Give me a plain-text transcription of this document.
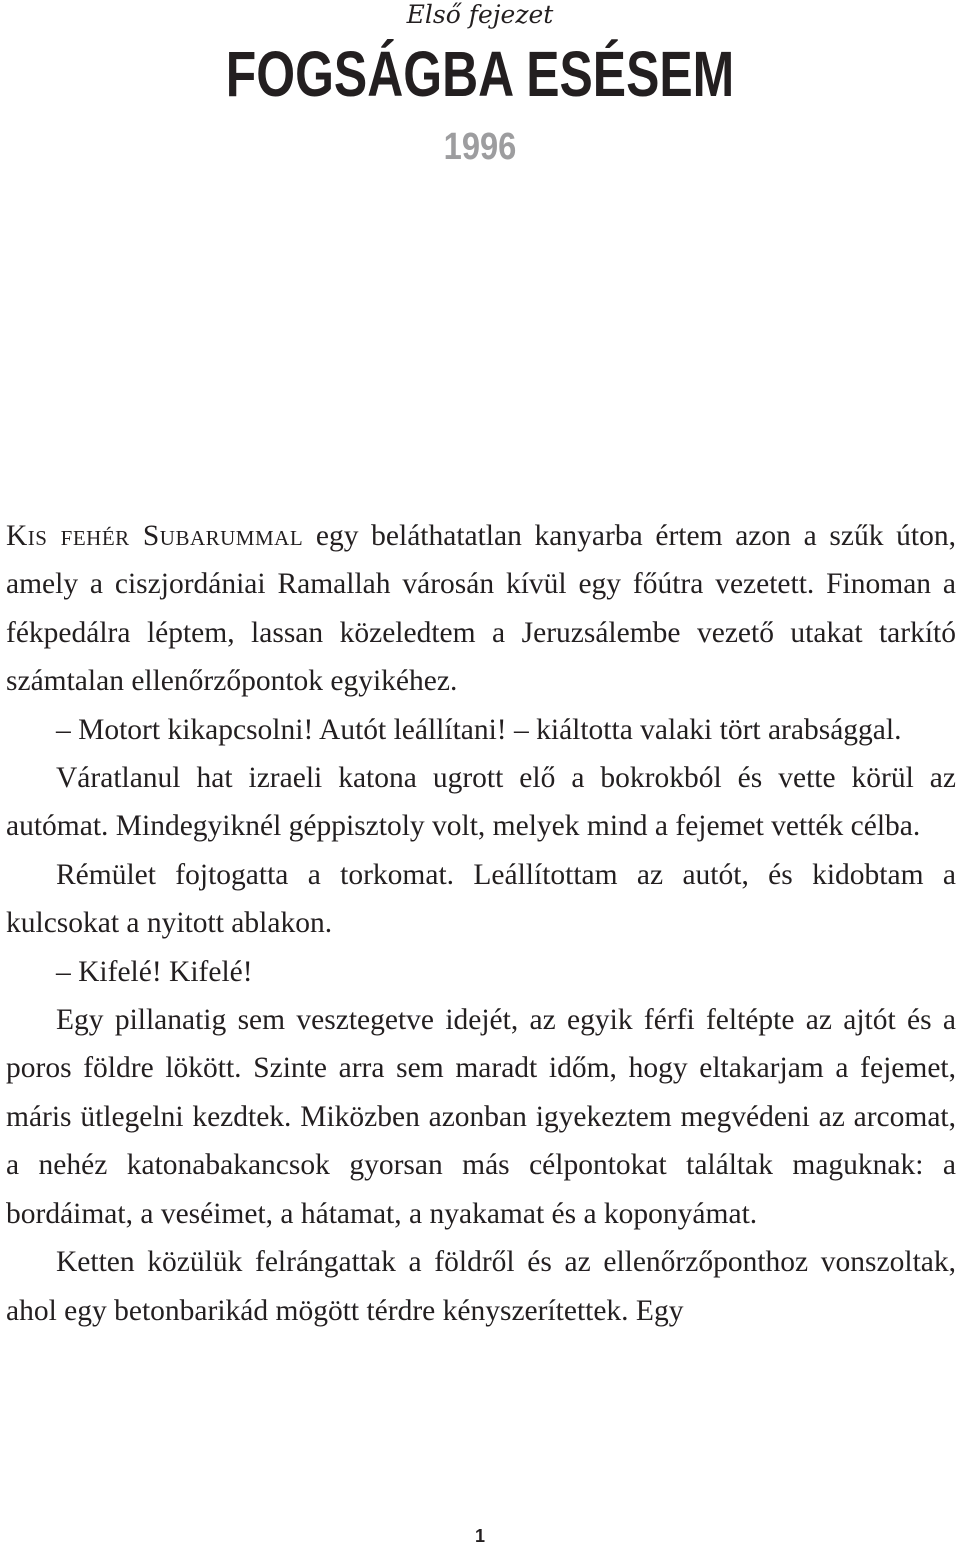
Első fejezet
FOGSÁGBA ESÉSEM
1996

Kis fehér Subarummal egy beláthatatlan kanyarba értem azon a szűk úton, amely a ciszjordániai Ramallah városán kívül egy főútra vezetett. Finoman a fékpedálra léptem, lassan közeledtem a Jeruzsálembe vezető utakat tarkító számtalan ellenőrzőpontok egyikéhez.

– Motort kikapcsolni! Autót leállítani! – kiáltotta valaki tört arabsággal.

Váratlanul hat izraeli katona ugrott elő a bokrokból és vette körül az autómat. Mindegyiknél géppisztoly volt, melyek mind a fejemet vették célba.

Rémület fojtogatta a torkomat. Leállítottam az autót, és kidobtam a kulcsokat a nyitott ablakon.

– Kifelé! Kifelé!

Egy pillanatig sem vesztegetve idejét, az egyik férfi feltépte az ajtót és a poros földre lökött. Szinte arra sem maradt időm, hogy eltakarjam a fejemet, máris ütlegelni kezdtek. Miközben azonban igyekeztem megvédeni az arcomat, a nehéz katonabakancsok gyorsan más célpontokat találtak maguknak: a bordáimat, a veséimet, a hátamat, a nyakamat és a koponyámat.

Ketten közülük felrángattak a földről és az ellenőrzőponthoz vonszoltak, ahol egy betonbarikád mögött térdre kényszerítettek. Egy

1
